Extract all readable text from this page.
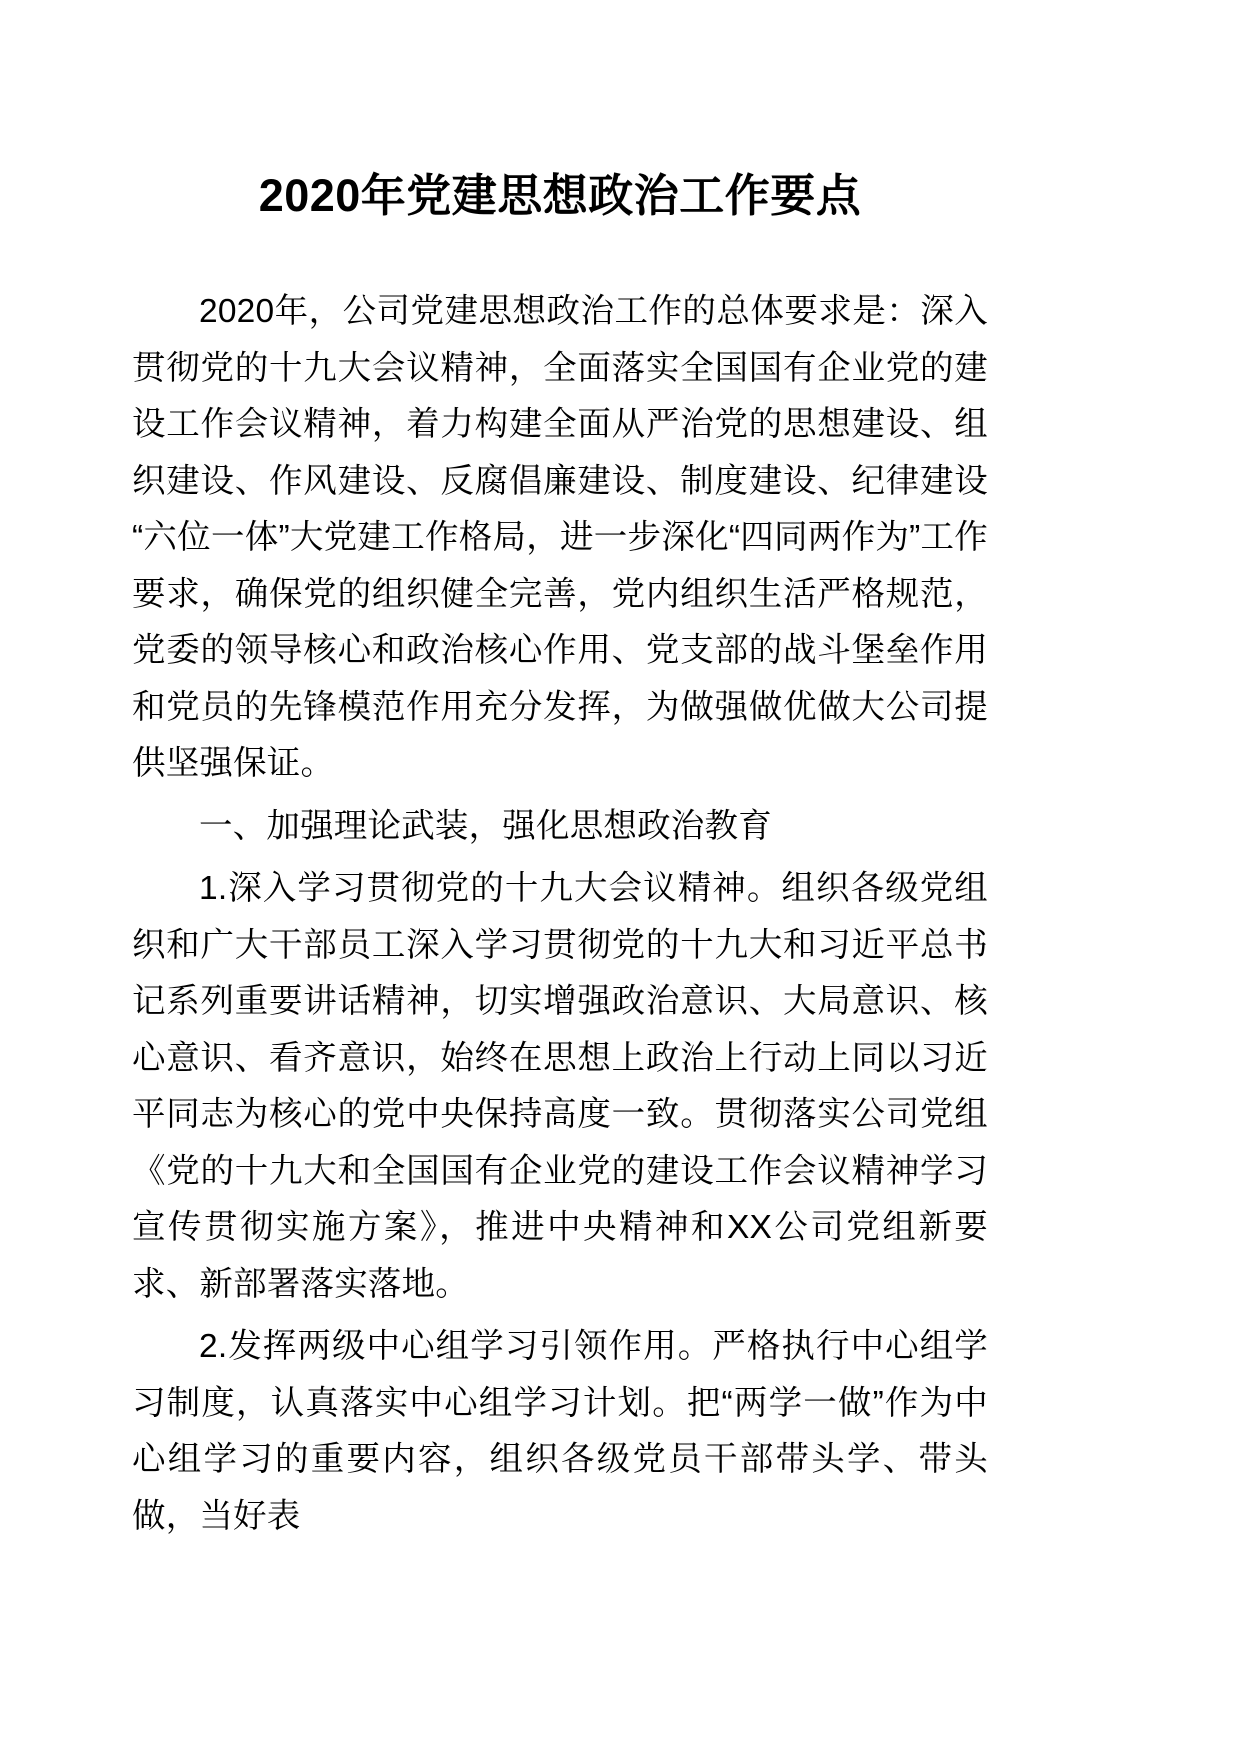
2020年党建思想政治工作要点

2020年，公司党建思想政治工作的总体要求是：深入贯彻党的十九大会议精神，全面落实全国国有企业党的建设工作会议精神，着力构建全面从严治党的思想建设、组织建设、作风建设、反腐倡廉建设、制度建设、纪律建设“六位一体”大党建工作格局，进一步深化“四同两作为”工作要求，确保党的组织健全完善，党内组织生活严格规范，党委的领导核心和政治核心作用、党支部的战斗堡垒作用和党员的先锋模范作用充分发挥，为做强做优做大公司提供坚强保证。

一、加强理论武装，强化思想政治教育

1.深入学习贯彻党的十九大会议精神。组织各级党组织和广大干部员工深入学习贯彻党的十九大和习近平总书记系列重要讲话精神，切实增强政治意识、大局意识、核心意识、看齐意识，始终在思想上政治上行动上同以习近平同志为核心的党中央保持高度一致。贯彻落实公司党组《党的十九大和全国国有企业党的建设工作会议精神学习宣传贯彻实施方案》，推进中央精神和XX公司党组新要求、新部署落实落地。

2.发挥两级中心组学习引领作用。严格执行中心组学习制度，认真落实中心组学习计划。把“两学一做”作为中心组学习的重要内容，组织各级党员干部带头学、带头做，当好表
